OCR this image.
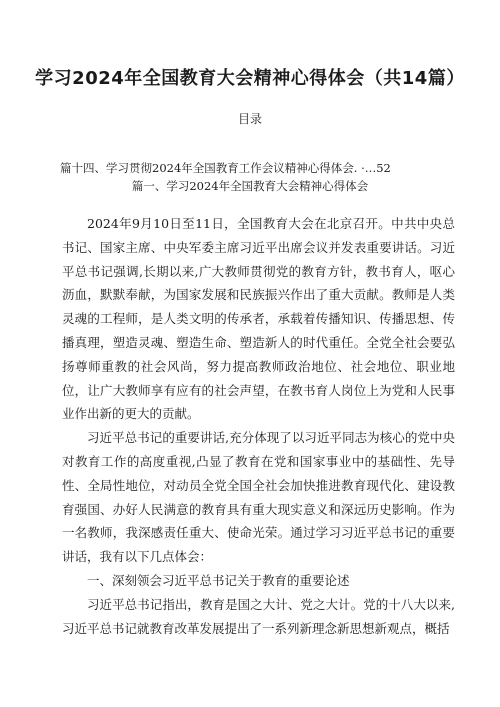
学习2024年全国教育大会精神心得体会（共14篇）
目录
篇十四、学习贯彻2024年全国教育工作会议精神心得体会. ·…52
篇一、学习2024年全国教育大会精神心得体会

2024年9月10日至11日，全国教育大会在北京召开。中共中央总书记、国家主席、中央军委主席习近平出席会议并发表重要讲话。习近平总书记强调,长期以来,广大教师贯彻党的教育方针，教书育人，呕心沥血，默默奉献，为国家发展和民族振兴作出了重大贡献。教师是人类灵魂的工程师，是人类文明的传承者，承载着传播知识、传播思想、传播真理，塑造灵魂、塑造生命、塑造新人的时代重任。全党全社会要弘扬尊师重教的社会风尚，努力提高教师政治地位、社会地位、职业地位，让广大教师享有应有的社会声望，在教书育人岗位上为党和人民事业作出新的更大的贡献。

习近平总书记的重要讲话,充分体现了以习近平同志为核心的党中央对教育工作的高度重视,凸显了教育在党和国家事业中的基础性、先导性、全局性地位，对动员全党全国全社会加快推进教育现代化、建设教育强国、办好人民满意的教育具有重大现实意义和深远历史影响。作为一名教师，我深感责任重大、使命光荣。通过学习习近平总书记的重要讲话，我有以下几点体会：

一、深刻领会习近平总书记关于教育的重要论述

习近平总书记指出，教育是国之大计、党之大计。党的十八大以来,习近平总书记就教育改革发展提出了一系列新理念新思想新观点，概括
